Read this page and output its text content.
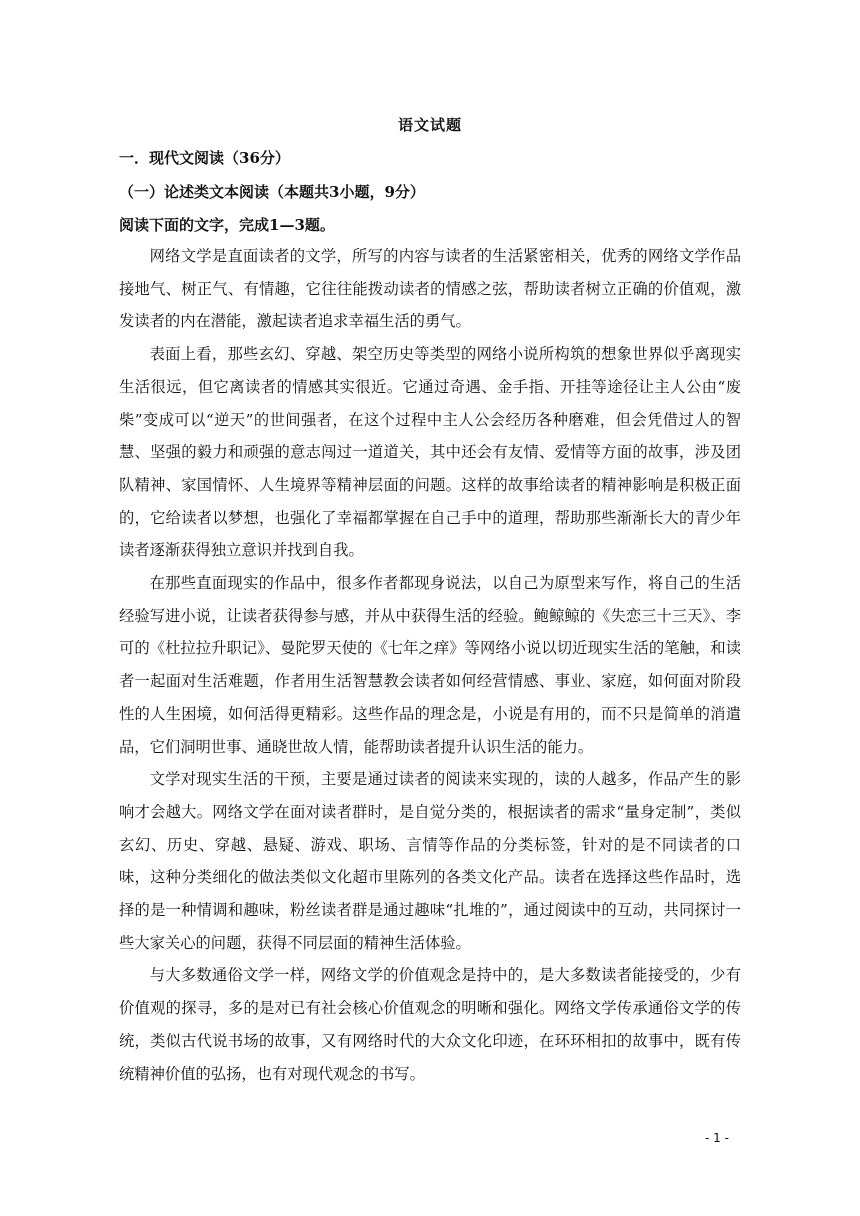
语文试题
一．现代文阅读（36分）
（一）论述类文本阅读（本题共3小题，9分）
阅读下面的文字，完成1—3题。

网络文学是直面读者的文学，所写的内容与读者的生活紧密相关，优秀的网络文学作品接地气、树正气、有情趣，它往往能拨动读者的情感之弦，帮助读者树立正确的价值观，激发读者的内在潜能，激起读者追求幸福生活的勇气。

表面上看，那些玄幻、穿越、架空历史等类型的网络小说所构筑的想象世界似乎离现实生活很远，但它离读者的情感其实很近。它通过奇遇、金手指、开挂等途径让主人公由“废柴”变成可以“逆天”的世间强者，在这个过程中主人公会经历各种磨难，但会凭借过人的智慧、坚强的毅力和顽强的意志闯过一道道关，其中还会有友情、爱情等方面的故事，涉及团队精神、家国情怀、人生境界等精神层面的问题。这样的故事给读者的精神影响是积极正面的，它给读者以梦想，也强化了幸福都掌握在自己手中的道理，帮助那些渐渐长大的青少年读者逐渐获得独立意识并找到自我。

在那些直面现实的作品中，很多作者都现身说法，以自己为原型来写作，将自己的生活经验写进小说，让读者获得参与感，并从中获得生活的经验。鲍鲸鲸的《失恋三十三天》、李可的《杜拉拉升职记》、曼陀罗天使的《七年之痒》等网络小说以切近现实生活的笔触，和读者一起面对生活难题，作者用生活智慧教会读者如何经营情感、事业、家庭，如何面对阶段性的人生困境，如何活得更精彩。这些作品的理念是，小说是有用的，而不只是简单的消遣品，它们洞明世事、通晓世故人情，能帮助读者提升认识生活的能力。

文学对现实生活的干预，主要是通过读者的阅读来实现的，读的人越多，作品产生的影响才会越大。网络文学在面对读者群时，是自觉分类的，根据读者的需求“量身定制”，类似玄幻、历史、穿越、悬疑、游戏、职场、言情等作品的分类标签，针对的是不同读者的口味，这种分类细化的做法类似文化超市里陈列的各类文化产品。读者在选择这些作品时，选择的是一种情调和趣味，粉丝读者群是通过趣味“扎堆的”，通过阅读中的互动，共同探讨一些大家关心的问题，获得不同层面的精神生活体验。

与大多数通俗文学一样，网络文学的价值观念是持中的，是大多数读者能接受的，少有价值观的探寻，多的是对已有社会核心价值观念的明晰和强化。网络文学传承通俗文学的传统，类似古代说书场的故事，又有网络时代的大众文化印迹，在环环相扣的故事中，既有传统精神价值的弘扬，也有对现代观念的书写。

- 1 -
